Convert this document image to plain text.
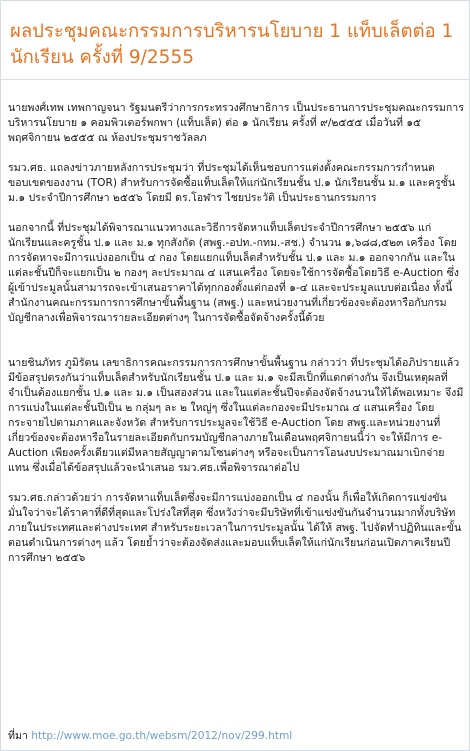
ผลประชุมคณะกรรมการบริหารนโยบาย 1 แท็บเล็ตต่อ 1 นักเรียน ครั้งที่ 9/2555

นายพงศ์เทพ เทพกาญจนา รัฐมนตรีว่าการกระทรวงศึกษาธิการ เป็นประธานการประชุมคณะกรรมการบริหารนโยบาย ๑ คอมพิวเตอร์พกพา (แท็บเล็ต) ต่อ ๑ นักเรียน ครั้งที่ ๙/๒๕๕๕ เมื่อวันที่ ๑๕ พฤศจิกายน ๒๕๕๕ ณ ห้องประชุมราชวัลลภ

รมว.ศธ. แถลงข่าวภายหลังการประชุมว่า ที่ประชุมได้เห็นชอบการแต่งตั้งคณะกรรมการกำหนดขอบเขตของงาน (TOR) สำหรับการจัดซื้อแท็บเล็ตให้แก่นักเรียนชั้น ป.๑ นักเรียนชั้น ม.๑ และครูชั้น ม.๑ ประจำปีการศึกษา ๒๕๕๖ โดยมี ดร.โอฬาร ไชยประวัติ เป็นประธานกรรมการ

นอกจากนี้ ที่ประชุมได้พิจารณาแนวทางและวิธีการจัดหาแท็บเล็ตประจำปีการศึกษา ๒๕๕๖ แก่นักเรียนและครูชั้น ป.๑ และ ม.๑ ทุกสังกัด (สพฐ.-อปท.-กทม.-สช.) จำนวน ๑,๖๘๘,๕๒๓ เครื่อง โดยการจัดหาจะมีการแบ่งออกเป็น ๔ กอง โดยแยกแท็บเล็ตสำหรับชั้น ป.๑ และ ม.๑ ออกจากกัน และในแต่ละชั้นปีก็จะแยกเป็น ๒ กองๆ ละประมาณ ๔ แสนเครื่อง โดยจะใช้การจัดซื้อโดยวิธี e-Auction ซึ่งผู้เข้าประมูลนั้นสามารถจะเข้าเสนอราคาได้ทุกกองตั้งแต่กองที่ ๑-๔ และจะประมูลแบบต่อเนื่อง ทั้งนี้สำนักงานคณะกรรมการการศึกษาขั้นพื้นฐาน (สพฐ.) และหน่วยงานที่เกี่ยวข้องจะต้องหารือกับกรมบัญชีกลางเพื่อพิจารณารายละเอียดต่างๆ ในการจัดซื้อจัดจ้างครั้งนี้ด้วย

นายชินภัทร ภูมิรัตน เลขาธิการคณะกรรมการการศึกษาขั้นพื้นฐาน กล่าวว่า ที่ประชุมได้อภิปรายแล้ว มีข้อสรุปตรงกันว่าแท็บเล็ตสำหรับนักเรียนชั้น ป.๑ และ ม.๑ จะมีสเป็กที่แตกต่างกัน จึงเป็นเหตุผลที่จำเป็นต้องแยกชั้น ป.๑ และ ม.๑ เป็นสองส่วน และในแต่ละชั้นปีจะต้องจัดจ้างนวนให้ได้พอเหมาะ จึงมีการแบ่งในแต่ละชั้นปีเป็น ๒ กลุ่มๆ ละ ๒ ใหญ่ๆ ซึ่งในแต่ละกองจะมีประมาณ ๔ แสนเครื่อง โดยกระจายไปตามภาคและจังหวัด สำหรับการประมูลจะใช้วิธี e-Auction โดย สพฐ.และหน่วยงานที่เกี่ยวข้องจะต้องหารือในรายละเอียดกับกรมบัญชีกลางภายในเดือนพฤศจิกายนนี้ว่า จะให้มีการ e-Auction เพียงครั้งเดียวแต่มีหลายสัญญาตามโซนต่างๆ หรือจะเป็นการโอนงบประมาณมาเบิกจ่ายแทน ซึ่งเมื่อได้ข้อสรุปแล้วจะนำเสนอ รมว.ศธ.เพื่อพิจารณาต่อไป

รมว.ศธ.กล่าวด้วยว่า การจัดหาแท็บเล็ตซึ่งจะมีการแบ่งออกเป็น ๔ กองนั้น ก็เพื่อให้เกิดการแข่งขัน มั่นใจว่าจะได้ราคาที่ดีที่สุดและโปร่งใสที่สุด ซึ่งหวังว่าจะมีบริษัทที่เข้าแข่งขันกันจำนวนมากทั้งบริษัทภายในประเทศและต่างประเทศ สำหรับระยะเวลาในการประมูลนั้น ได้ให้ สพฐ. ไปจัดทำปฏิทินและขั้นตอนดำเนินการต่างๆ แล้ว โดยย้ำว่าจะต้องจัดส่งและมอบแท็บเล็ตให้แก่นักเรียนก่อนเปิดภาคเรียนปีการศึกษา ๒๕๕๖

ที่มา http://www.moe.go.th/websm/2012/nov/299.html
